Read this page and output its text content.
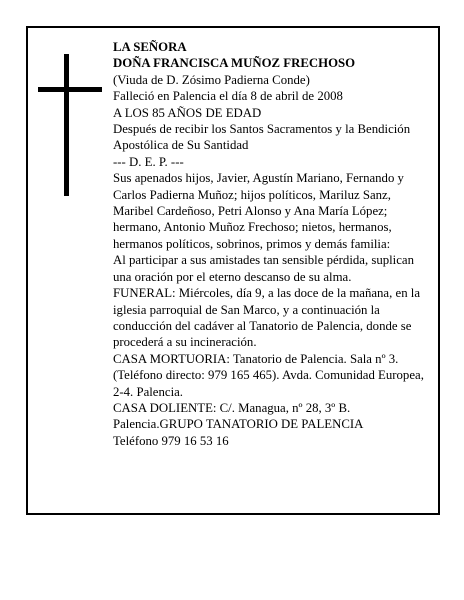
LA SEÑORA

DOÑA FRANCISCA MUÑOZ FRECHOSO

(Viuda de D. Zósimo Padierna Conde)

Falleció en Palencia el día 8 de abril de 2008

A LOS 85 AÑOS DE EDAD

Después de recibir los Santos Sacramentos y la Bendición Apostólica de Su Santidad

--- D. E. P. ---

Sus apenados hijos, Javier, Agustín Mariano, Fernando y Carlos Padierna Muñoz; hijos políticos, Mariluz Sanz, Maribel Cardeñoso, Petri Alonso y Ana María López; hermano, Antonio Muñoz Frechoso; nietos, hermanos, hermanos políticos, sobrinos, primos y demás familia:

Al participar a sus amistades tan sensible pérdida, suplican una oración por el eterno descanso de su alma.

FUNERAL: Miércoles, día 9, a las doce de la mañana, en la iglesia parroquial de San Marco, y a continuación la conducción del cadáver al Tanatorio de Palencia, donde se procederá a su incineración.

CASA MORTUORIA: Tanatorio de Palencia. Sala nº 3. (Teléfono directo: 979 165 465). Avda. Comunidad Europea, 2-4. Palencia.

CASA DOLIENTE: C/. Managua, nº 28, 3º B. Palencia.GRUPO TANATORIO DE PALENCIA

Teléfono 979 16 53 16
